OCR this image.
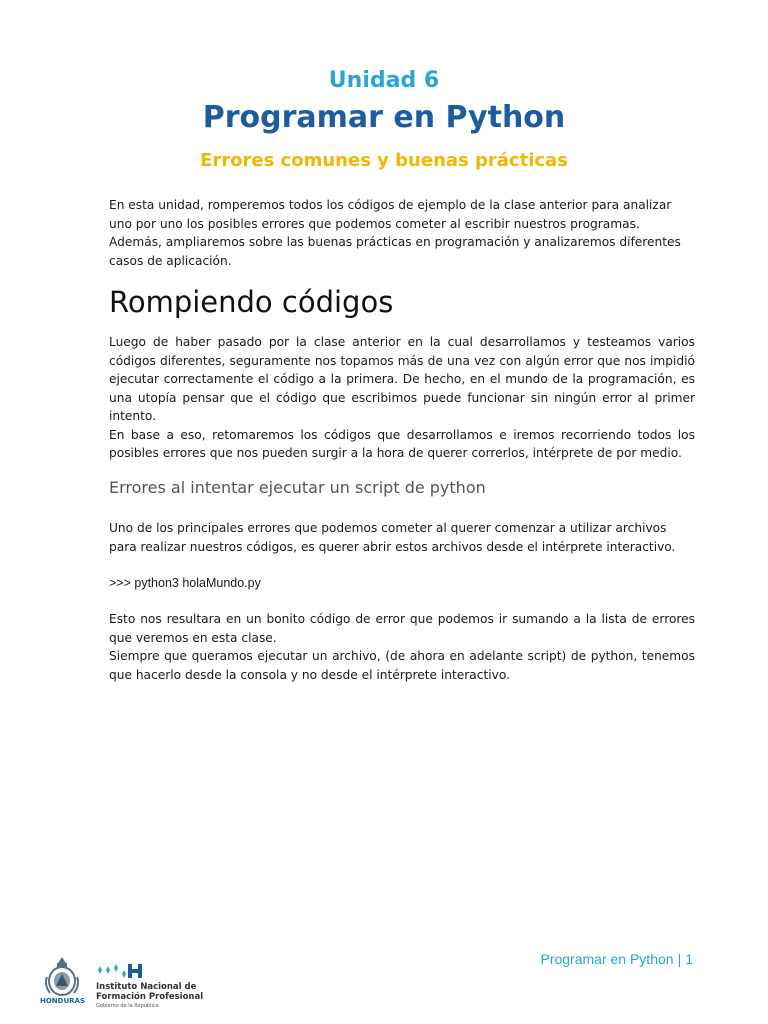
Unidad 6
Programar en Python
Errores comunes y buenas prácticas

En esta unidad, romperemos todos los códigos de ejemplo de la clase anterior para analizar uno por uno los posibles errores que podemos cometer al escribir nuestros programas. Además, ampliaremos sobre las buenas prácticas en programación y analizaremos diferentes casos de aplicación.

Rompiendo códigos

Luego de haber pasado por la clase anterior en la cual desarrollamos y testeamos varios códigos diferentes, seguramente nos topamos más de una vez con algún error que nos impidió ejecutar correctamente el código a la primera. De hecho, en el mundo de la programación, es una utopía pensar que el código que escribimos puede funcionar sin ningún error al primer intento.

En base a eso, retomaremos los códigos que desarrollamos e iremos recorriendo todos los posibles errores que nos pueden surgir a la hora de querer correrlos, intérprete de por medio.

Errores al intentar ejecutar un script de python

Uno de los principales errores que podemos cometer al querer comenzar a utilizar archivos para realizar nuestros códigos, es querer abrir estos archivos desde el intérprete interactivo.

>>> python3 holaMundo.py

Esto nos resultara en un bonito código de error que podemos ir sumando a la lista de errores que veremos en esta clase.

Siempre que queramos ejecutar un archivo, (de ahora en adelante script) de python, tenemos que hacerlo desde la consola y no desde el intérprete interactivo.

Programar en Python | 1
HONDURAS
Instituto Nacional de
Formación Profesional
Gobierno de la República
